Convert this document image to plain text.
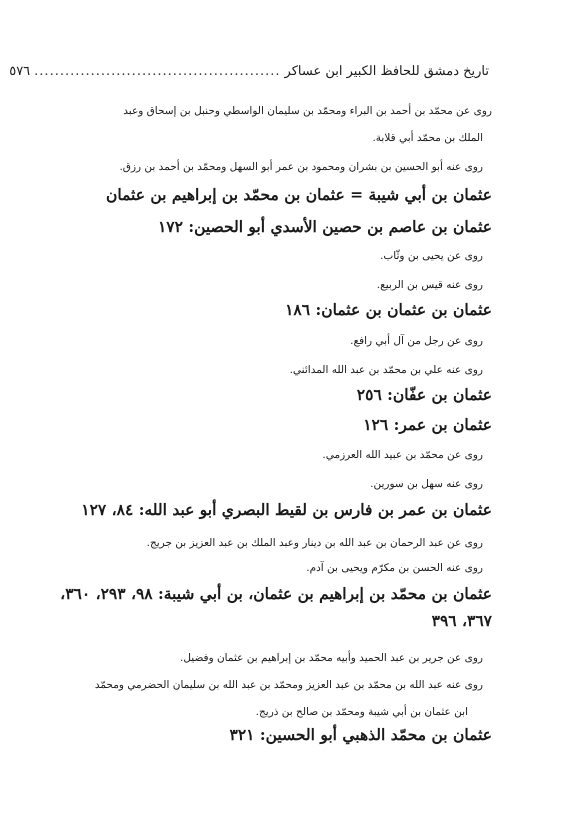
تاريخ دمشق للحافظ الكبير ابن عساكر
................................................
٥٧٦
روى عن محمّد بن أحمد بن البراء ومحمّد بن سليمان الواسطي وحنبل بن إسحاق وعبد
الملك بن محمّد أبي قلابة.
روى عنه أبو الحسين بن بشران ومحمود بن عمر أبو السهل ومحمّد بن أحمد بن رزق.
عثمان بن أبي شيبة = عثمان بن محمّد بن إبراهيم بن عثمان
عثمان بن عاصم بن حصين الأسدي أبو الحصين: ١٧٢
روى عن يحيى بن وثّاب.
روى عنه قيس بن الربيع.
عثمان بن عثمان بن عثمان: ١٨٦
روى عن رجل من آل أبي رافع.
روى عنه علي بن محمّد بن عبد الله المدائني.
عثمان بن عفّان: ٢٥٦
عثمان بن عمر: ١٢٦
روى عن محمّد بن عبيد الله العرزمي.
روى عنه سهل بن سورين.
عثمان بن عمر بن فارس بن لقيط البصري أبو عبد الله: ٨٤، ١٢٧
روى عن عبد الرحمان بن عبد الله بن دينار وعبد الملك بن عبد العزيز بن جريج.
روى عنه الحسن بن مكرّم ويحيى بن آدم.
عثمان بن محمّد بن إبراهيم بن عثمان، بن أبي شيبة: ٩٨، ٢٩٣، ٣٦٠،
٣٦٧، ٣٩٦
روى عن جرير بن عبد الحميد وأبيه محمّد بن إبراهيم بن عثمان وفضيل.
روى عنه عبد الله بن محمّد بن عبد العزيز ومحمّد بن عبد الله بن سليمان الحضرمي ومحمّد
ابن عثمان بن أبي شيبة ومحمّد بن صالح بن ذريج.
عثمان بن محمّد الذهبي أبو الحسين: ٣٢١
